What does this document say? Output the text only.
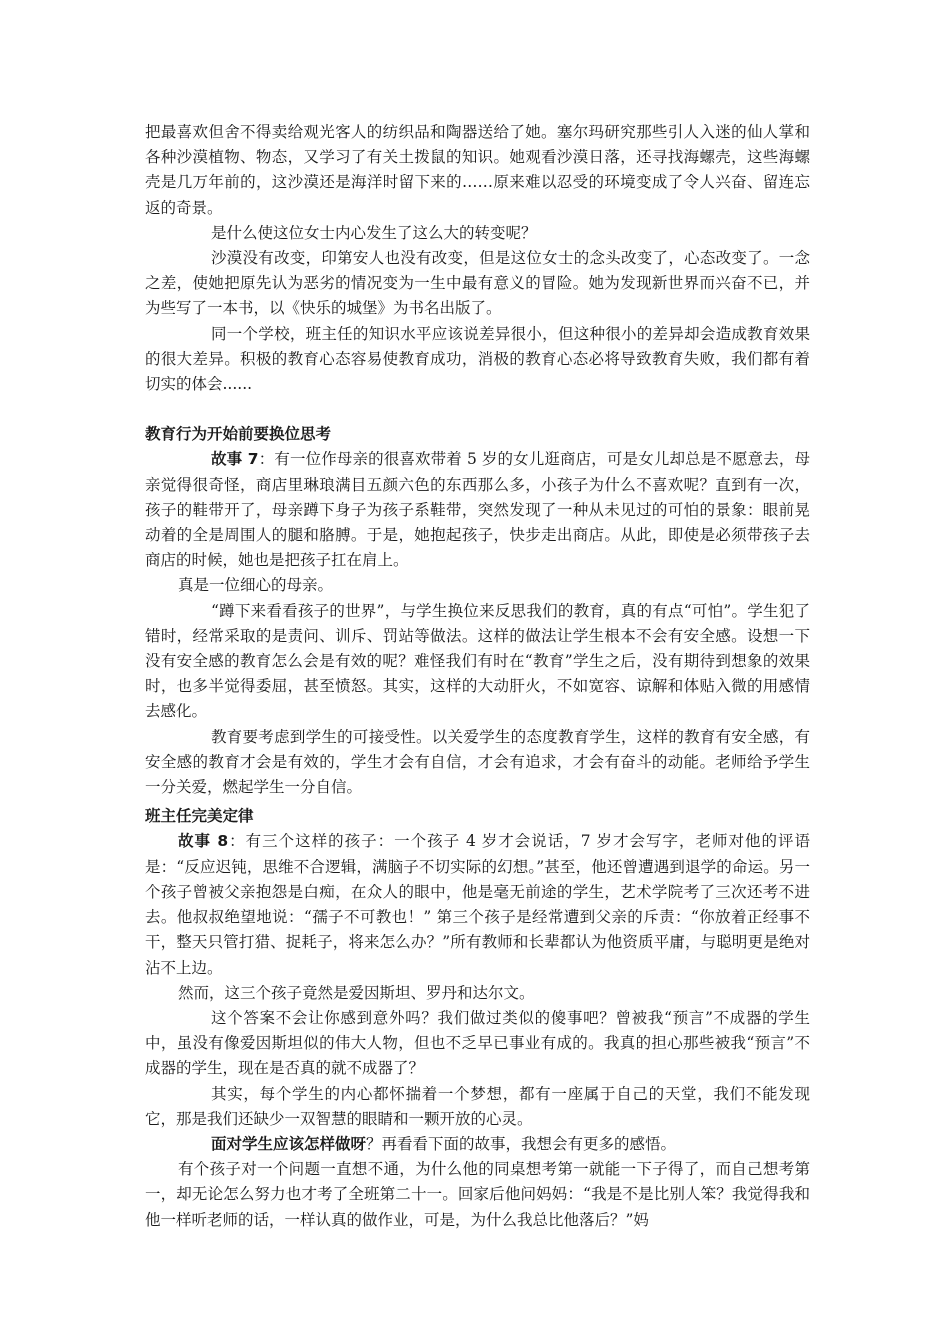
把最喜欢但舍不得卖给观光客人的纺织品和陶器送给了她。塞尔玛研究那些引人入迷的仙人掌和各种沙漠植物、物态，又学习了有关土拨鼠的知识。她观看沙漠日落，还寻找海螺壳，这些海螺壳是几万年前的，这沙漠还是海洋时留下来的……原来难以忍受的环境变成了令人兴奋、留连忘返的奇景。

是什么使这位女士内心发生了这么大的转变呢？

沙漠没有改变，印第安人也没有改变，但是这位女士的念头改变了，心态改变了。一念之差，使她把原先认为恶劣的情况变为一生中最有意义的冒险。她为发现新世界而兴奋不已，并为些写了一本书，以《快乐的城堡》为书名出版了。

同一个学校，班主任的知识水平应该说差异很小，但这种很小的差异却会造成教育效果的很大差异。积极的教育心态容易使教育成功，消极的教育心态必将导致教育失败，我们都有着切实的体会......

教育行为开始前要换位思考

故事 7：有一位作母亲的很喜欢带着 5 岁的女儿逛商店，可是女儿却总是不愿意去，母亲觉得很奇怪，商店里琳琅满目五颜六色的东西那么多，小孩子为什么不喜欢呢？直到有一次，孩子的鞋带开了，母亲蹲下身子为孩子系鞋带，突然发现了一种从未见过的可怕的景象：眼前晃动着的全是周围人的腿和胳膊。于是，她抱起孩子，快步走出商店。从此，即使是必须带孩子去商店的时候，她也是把孩子扛在肩上。

真是一位细心的母亲。

“蹲下来看看孩子的世界”，与学生换位来反思我们的教育，真的有点“可怕”。学生犯了错时，经常采取的是责问、训斥、罚站等做法。这样的做法让学生根本不会有安全感。设想一下没有安全感的教育怎么会是有效的呢？难怪我们有时在“教育”学生之后，没有期待到想象的效果时，也多半觉得委屈，甚至愤怒。其实，这样的大动肝火，不如宽容、谅解和体贴入微的用感情去感化。

教育要考虑到学生的可接受性。以关爱学生的态度教育学生，这样的教育有安全感，有安全感的教育才会是有效的，学生才会有自信，才会有追求，才会有奋斗的动能。老师给予学生一分关爱，燃起学生一分自信。

班主任完美定律

故事 8：有三个这样的孩子：一个孩子 4 岁才会说话，7 岁才会写字，老师对他的评语是：“反应迟钝，思维不合逻辑，满脑子不切实际的幻想。”甚至，他还曾遭遇到退学的命运。另一个孩子曾被父亲抱怨是白痴，在众人的眼中，他是毫无前途的学生，艺术学院考了三次还考不进去。他叔叔绝望地说：“孺子不可教也！” 第三个孩子是经常遭到父亲的斥责：“你放着正经事不干，整天只管打猎、捉耗子，将来怎么办？”所有教师和长辈都认为他资质平庸，与聪明更是绝对沾不上边。

然而，这三个孩子竟然是爱因斯坦、罗丹和达尔文。

这个答案不会让你感到意外吗？我们做过类似的傻事吧？曾被我“预言”不成器的学生中，虽没有像爱因斯坦似的伟大人物，但也不乏早已事业有成的。我真的担心那些被我“预言”不成器的学生，现在是否真的就不成器了？

其实，每个学生的内心都怀揣着一个梦想，都有一座属于自己的天堂，我们不能发现它，那是我们还缺少一双智慧的眼睛和一颗开放的心灵。

面对学生应该怎样做呀？再看看下面的故事，我想会有更多的感悟。

有个孩子对一个问题一直想不通，为什么他的同桌想考第一就能一下子得了，而自己想考第一，却无论怎么努力也才考了全班第二十一。回家后他问妈妈：“我是不是比别人笨？我觉得我和他一样听老师的话，一样认真的做作业，可是，为什么我总比他落后？”妈
